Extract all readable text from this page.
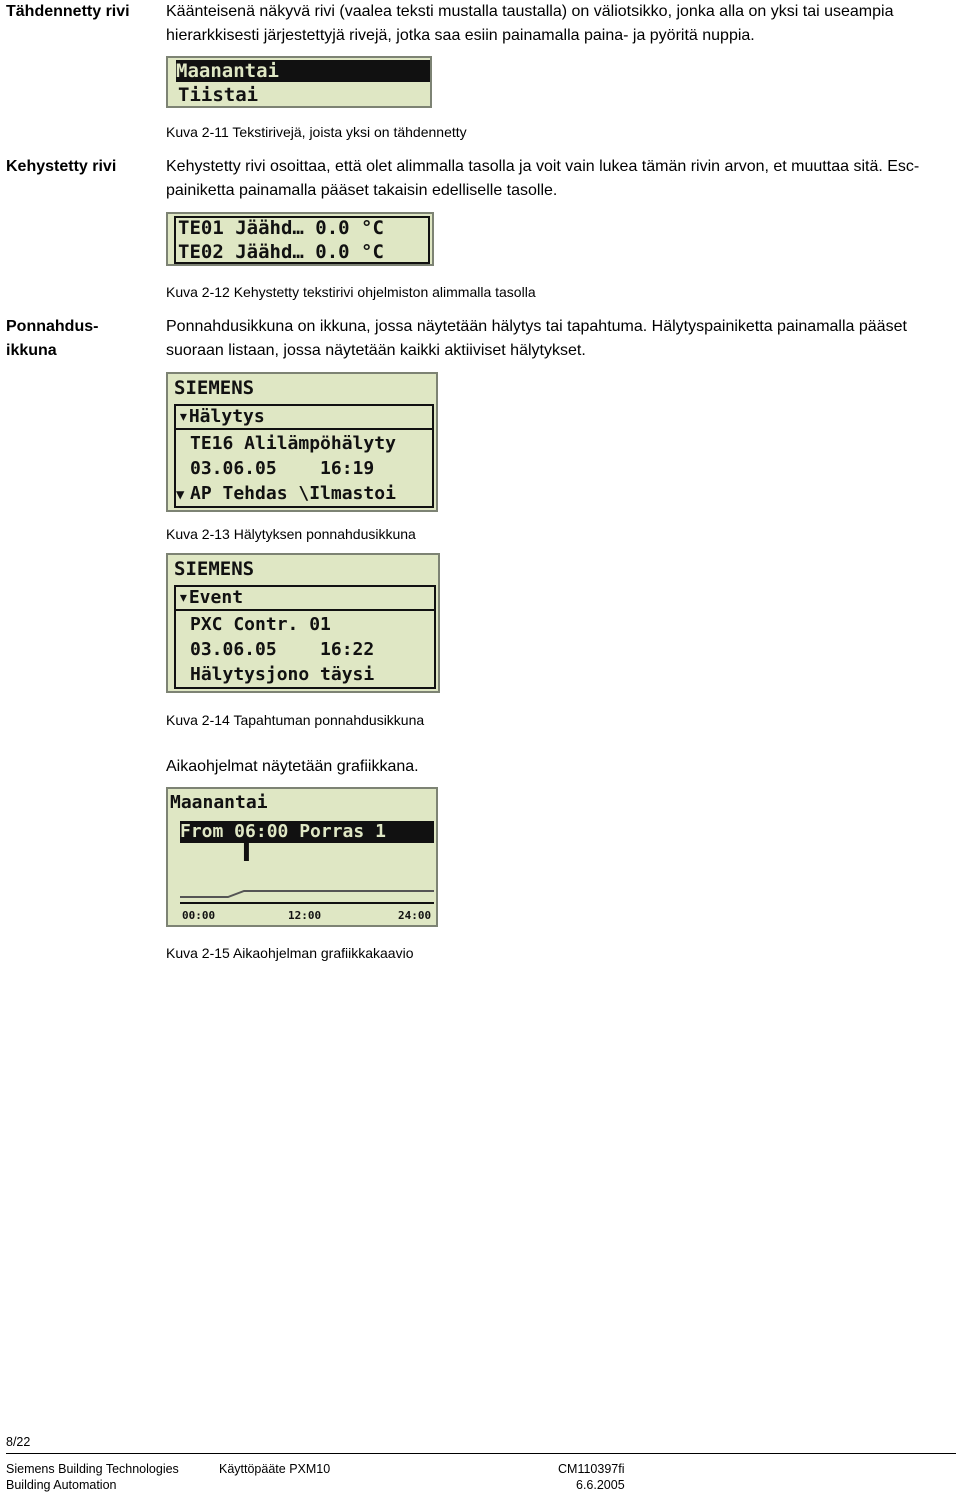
Tähdennetty rivi Käänteisenä näkyvä rivi (vaalea teksti mustalla taustalla) on väliotsikko, jonka alla on yksi tai useampia hierarkkisesti järjestettyjä rivejä, jotka saa esiin painamalla paina- ja pyöritä nuppia.
Maanantai
Tiistai
Kuva 2-11 Tekstirivejä, joista yksi on tähdennetty
Kehystetty rivi	Kehystetty rivi osoittaa, että olet alimmalla tasolla ja voit vain lukea tämän rivin arvon, et muuttaa sitä. Esc-painiketta painamalla pääset takaisin edelliselle tasolle.
TE01 Jäähd… 0.0 °C
TE02 Jäähd… 0.0 °C
Kuva 2-12 Kehystetty tekstirivi ohjelmiston alimmalla tasolla
Ponnahdus-ikkuna
Ponnahdusikkuna on ikkuna, jossa näytetään hälytys tai tapahtuma. Hälytyspainiketta painamalla pääset suoraan listaan, jossa näytetään kaikki aktiiviset hälytykset.
SIEMENS
▾Hälytys
TE16 Alilämpöhälyty
03.06.05    16:19
AP Tehdas \Ilmastoi
▼
Kuva 2-13 Hälytyksen ponnahdusikkuna
SIEMENS
▾Event
PXC Contr. 01
03.06.05    16:22
Hälytysjono täysi
Kuva 2-14 Tapahtuman ponnahdusikkuna
Aikaohjelmat näytetään grafiikkana.
Maanantai
From 06:00 Porras 1
▌
00:00	12:00	24:00
Kuva 2-15 Aikaohjelman grafiikkakaavio
8/22
Siemens Building Technologies
Building Automation
Käyttöpääte PXM10	CM110397fi
6.6.2005
